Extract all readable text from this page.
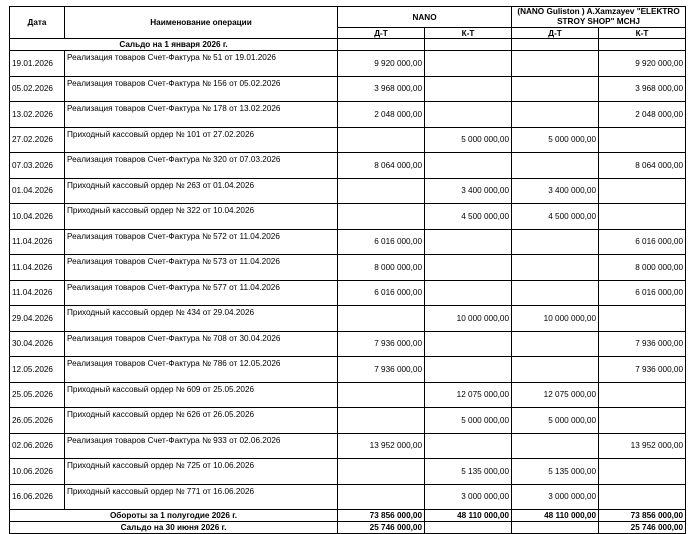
Дата	Наименование операции	NANO		(NANO Guliston ) A.Xamzayev "ELEKTRO STROY SHOP" MCHJ	
		Д-Т	К-Т	Д-Т	К-Т
Сальдо на 1 января 2026 г.					
19.01.2026	Реализация товаров Счет-Фактура № 51 от 19.01.2026	9 920 000,00			9 920 000,00
05.02.2026	Реализация товаров Счет-Фактура № 156 от 05.02.2026	3 968 000,00			3 968 000,00
13.02.2026	Реализация товаров Счет-Фактура № 178 от 13.02.2026	2 048 000,00			2 048 000,00
27.02.2026	Приходный кассовый ордер № 101 от 27.02.2026		5 000 000,00	5 000 000,00	
07.03.2026	Реализация товаров Счет-Фактура № 320 от 07.03.2026	8 064 000,00			8 064 000,00
01.04.2026	Приходный кассовый ордер № 263 от 01.04.2026		3 400 000,00	3 400 000,00	
10.04.2026	Приходный кассовый ордер № 322 от 10.04.2026		4 500 000,00	4 500 000,00	
11.04.2026	Реализация товаров Счет-Фактура № 572 от 11.04.2026	6 016 000,00			6 016 000,00
11.04.2026	Реализация товаров Счет-Фактура № 573 от 11.04.2026	8 000 000,00			8 000 000,00
11.04.2026	Реализация товаров Счет-Фактура № 577 от 11.04.2026	6 016 000,00			6 016 000,00
29.04.2026	Приходный кассовый ордер № 434 от 29.04.2026		10 000 000,00	10 000 000,00	
30.04.2026	Реализация товаров Счет-Фактура № 708 от 30.04.2026	7 936 000,00			7 936 000,00
12.05.2026	Реализация товаров Счет-Фактура № 786 от 12.05.2026	7 936 000,00			7 936 000,00
25.05.2026	Приходный кассовый ордер № 609 от 25.05.2026		12 075 000,00	12 075 000,00	
26.05.2026	Приходный кассовый ордер № 626 от 26.05.2026		5 000 000,00	5 000 000,00	
02.06.2026	Реализация товаров Счет-Фактура № 933 от 02.06.2026	13 952 000,00			13 952 000,00
10.06.2026	Приходный кассовый ордер № 725 от 10.06.2026		5 135 000,00	5 135 000,00	
16.06.2026	Приходный кассовый ордер № 771 от 16.06.2026		3 000 000,00	3 000 000,00	
Обороты за 1 полугодие 2026 г.		73 856 000,00	48 110 000,00	48 110 000,00	73 856 000,00
Сальдо на 30 июня 2026 г.		25 746 000,00			25 746 000,00
